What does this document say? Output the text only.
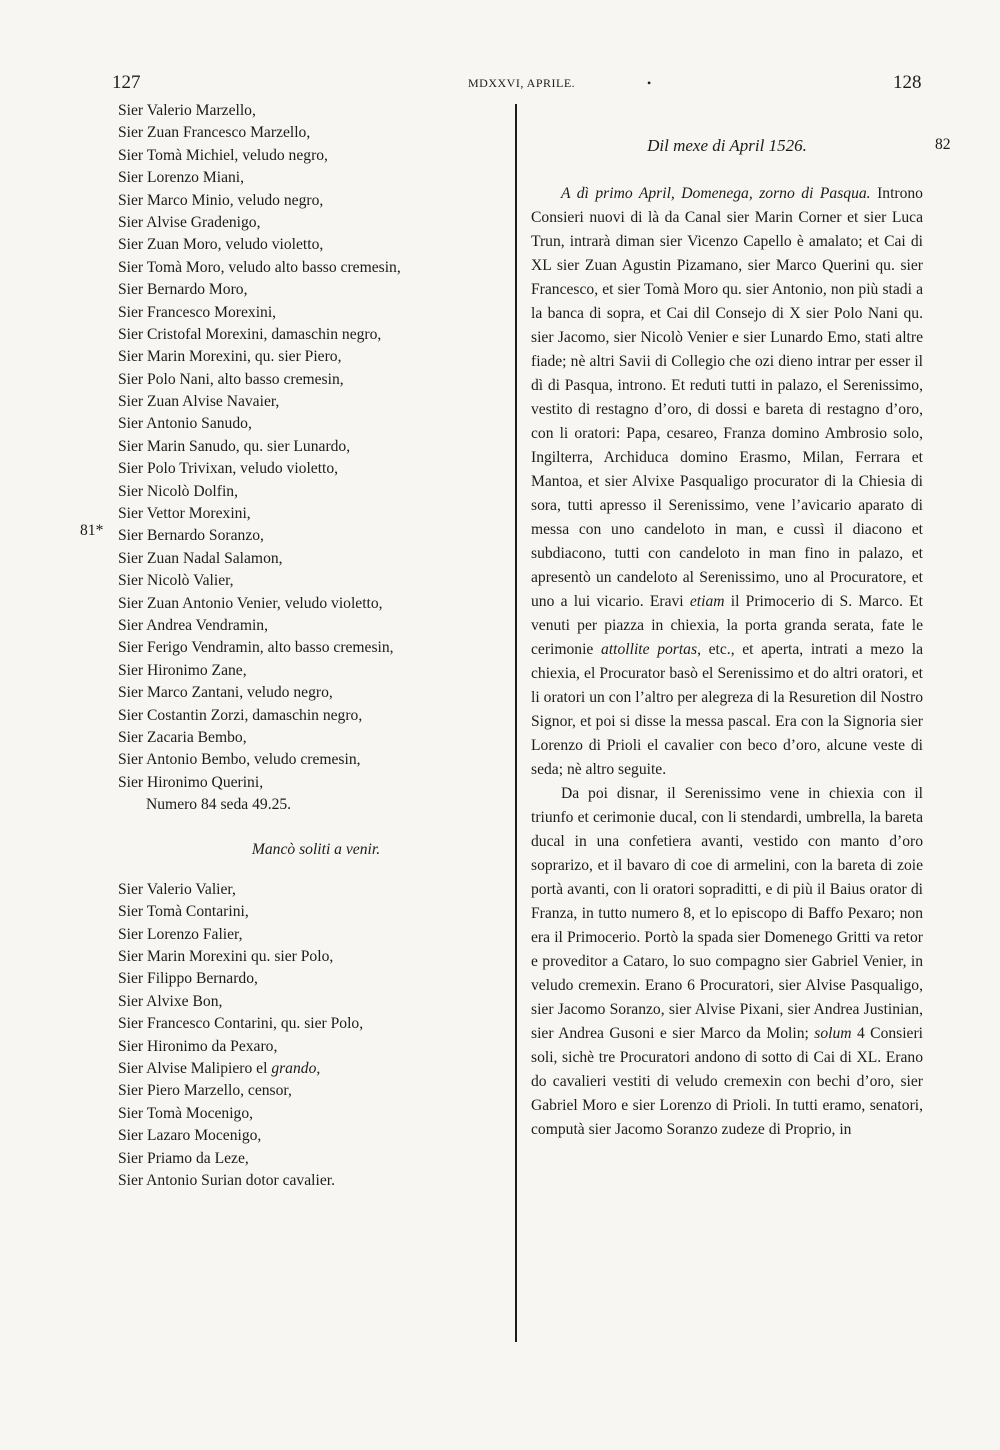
127	MDXXVI, APRILE.	•	128
81*
Sier Valerio Marzello,
Sier Zuan Francesco Marzello,
Sier Tomà Michiel, veludo negro,
Sier Lorenzo Miani,
Sier Marco Minio, veludo negro,
Sier Alvise Gradenigo,
Sier Zuan Moro, veludo violetto,
Sier Tomà Moro, veludo alto basso cremesin,
Sier Bernardo Moro,
Sier Francesco Morexini,
Sier Cristofal Morexini, damaschin negro,
Sier Marin Morexini, qu. sier Piero,
Sier Polo Nani, alto basso cremesin,
Sier Zuan Alvise Navaier,
Sier Antonio Sanudo,
Sier Marin Sanudo, qu. sier Lunardo,
Sier Polo Trivixan, veludo violetto,
Sier Nicolò Dolfin,
Sier Vettor Morexini,
Sier Bernardo Soranzo,
Sier Zuan Nadal Salamon,
Sier Nicolò Valier,
Sier Zuan Antonio Venier, veludo violetto,
Sier Andrea Vendramin,
Sier Ferigo Vendramin, alto basso cremesin,
Sier Hironimo Zane,
Sier Marco Zantani, veludo negro,
Sier Costantin Zorzi, damaschin negro,
Sier Zacaria Bembo,
Sier Antonio Bembo, veludo cremesin,
Sier Hironimo Querini,
Numero 84 seda 49.25.
Mancò soliti a venir.
Sier Valerio Valier,
Sier Tomà Contarini,
Sier Lorenzo Falier,
Sier Marin Morexini qu. sier Polo,
Sier Filippo Bernardo,
Sier Alvixe Bon,
Sier Francesco Contarini, qu. sier Polo,
Sier Hironimo da Pexaro,
Sier Alvise Malipiero el grando,
Sier Piero Marzello, censor,
Sier Tomà Mocenigo,
Sier Lazaro Mocenigo,
Sier Priamo da Leze,
Sier Antonio Surian dotor cavalier.
82
Dil mexe di April 1526.

A dì primo April, Domenega, zorno di Pasqua. Introno Consieri nuovi di là da Canal sier Marin Corner et sier Luca Trun, intrarà diman sier Vicenzo Capello è amalato; et Cai di XL sier Zuan Agustin Pizamano, sier Marco Querini qu. sier Francesco, et sier Tomà Moro qu. sier Antonio, non più stadi a la banca di sopra, et Cai dil Consejo di X sier Polo Nani qu. sier Jacomo, sier Nicolò Venier e sier Lunardo Emo, stati altre fiade; nè altri Savii di Collegio che ozi dieno intrar per esser il dì di Pasqua, introno. Et reduti tutti in palazo, el Serenissimo, vestito di restagno d’oro, di dossi e bareta di restagno d’oro, con li oratori: Papa, cesareo, Franza domino Ambrosio solo, Ingilterra, Archiduca domino Erasmo, Milan, Ferrara et Mantoa, et sier Alvixe Pasqualigo procurator di la Chiesia di sora, tutti apresso il Serenissimo, vene l’avicario aparato di messa con uno candeloto in man, e cussì il diacono et subdiacono, tutti con candeloto in man fino in palazo, et apresentò un candeloto al Serenissimo, uno al Procuratore, et uno a lui vicario. Eravi etiam il Primocerio di S. Marco. Et venuti per piazza in chiexia, la porta granda serata, fate le cerimonie attollite portas, etc., et aperta, intrati a mezo la chiexia, el Procurator basò el Serenissimo et do altri oratori, et li oratori un con l’altro per alegreza di la Resuretion dil Nostro Signor, et poi si disse la messa pascal. Era con la Signoria sier Lorenzo di Prioli el cavalier con beco d’oro, alcune veste di seda; nè altro seguite.

Da poi disnar, il Serenissimo vene in chiexia con il triunfo et cerimonie ducal, con li stendardi, umbrella, la bareta ducal in una confetiera avanti, vestido con manto d’oro soprarizo, et il bavaro di coe di armelini, con la bareta di zoie portà avanti, con li oratori sopraditti, e di più il Baius orator di Franza, in tutto numero 8, et lo episcopo di Baffo Pexaro; non era il Primocerio. Portò la spada sier Domenego Gritti va retor e proveditor a Cataro, lo suo compagno sier Gabriel Venier, in veludo cremexin. Erano 6 Procuratori, sier Alvise Pasqualigo, sier Jacomo Soranzo, sier Alvise Pixani, sier Andrea Justinian, sier Andrea Gusoni e sier Marco da Molin; solum 4 Consieri soli, sichè tre Procuratori andono di sotto di Cai di XL. Erano do cavalieri vestiti di veludo cremexin con bechi d’oro, sier Gabriel Moro e sier Lorenzo di Prioli. In tutti eramo, senatori, computà sier Jacomo Soranzo zudeze di Proprio, in
